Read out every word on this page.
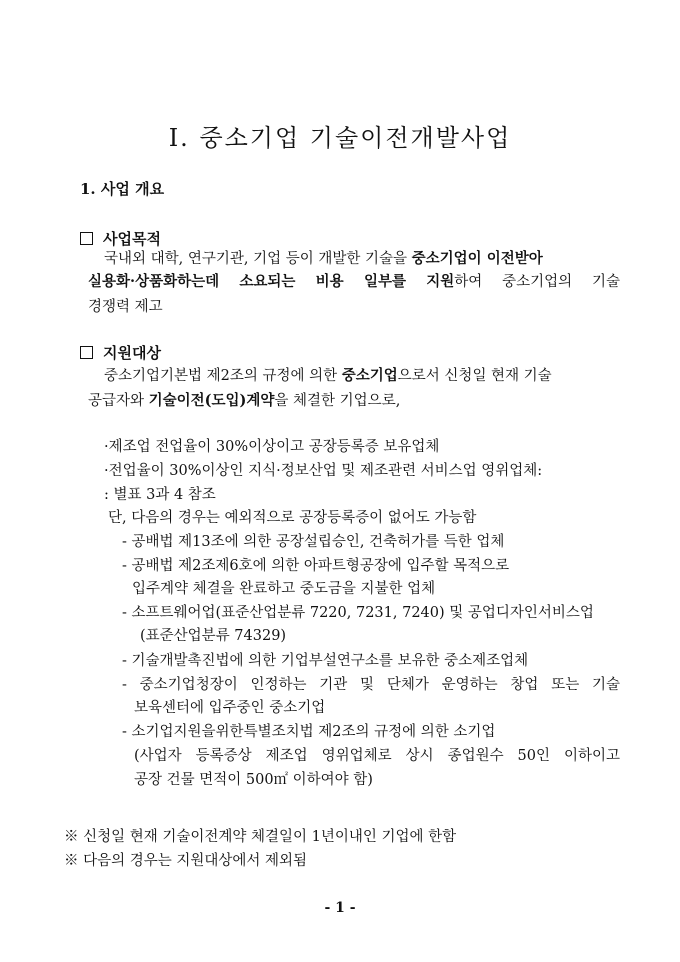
Ⅰ. 중소기업 기술이전개발사업
1. 사업 개요
사업목적
국내외 대학, 연구기관, 기업 등이 개발한 기술을 중소기업이 이전받아
실용화·상품화하는데 소요되는 비용 일부를 지원하여 중소기업의 기술
경쟁력 제고
지원대상
중소기업기본법 제2조의 규정에 의한 중소기업으로서 신청일 현재 기술
공급자와 기술이전(도입)계약을 체결한 기업으로,
·제조업 전업율이 30%이상이고 공장등록증 보유업체
·전업율이 30%이상인 지식·정보산업 및 제조관련 서비스업 영위업체:
: 별표 3과 4 참조
단, 다음의 경우는 예외적으로 공장등록증이 없어도 가능함
- 공배법 제13조에 의한 공장설립승인, 건축허가를 득한 업체
- 공배법 제2조제6호에 의한 아파트형공장에 입주할 목적으로
입주계약 체결을 완료하고 중도금을 지불한 업체
- 소프트웨어업(표준산업분류 7220, 7231, 7240) 및 공업디자인서비스업
(표준산업분류 74329)
- 기술개발촉진법에 의한 기업부설연구소를 보유한 중소제조업체
- 중소기업청장이 인정하는 기관 및 단체가 운영하는 창업 또는 기술
보육센터에 입주중인 중소기업
- 소기업지원을위한특별조치법 제2조의 규정에 의한 소기업
(사업자 등록증상 제조업 영위업체로 상시 종업원수 50인 이하이고
공장 건물 면적이 500㎡ 이하여야 함)
※ 신청일 현재 기술이전계약 체결일이 1년이내인 기업에 한함
※ 다음의 경우는 지원대상에서 제외됨
- 1 -
